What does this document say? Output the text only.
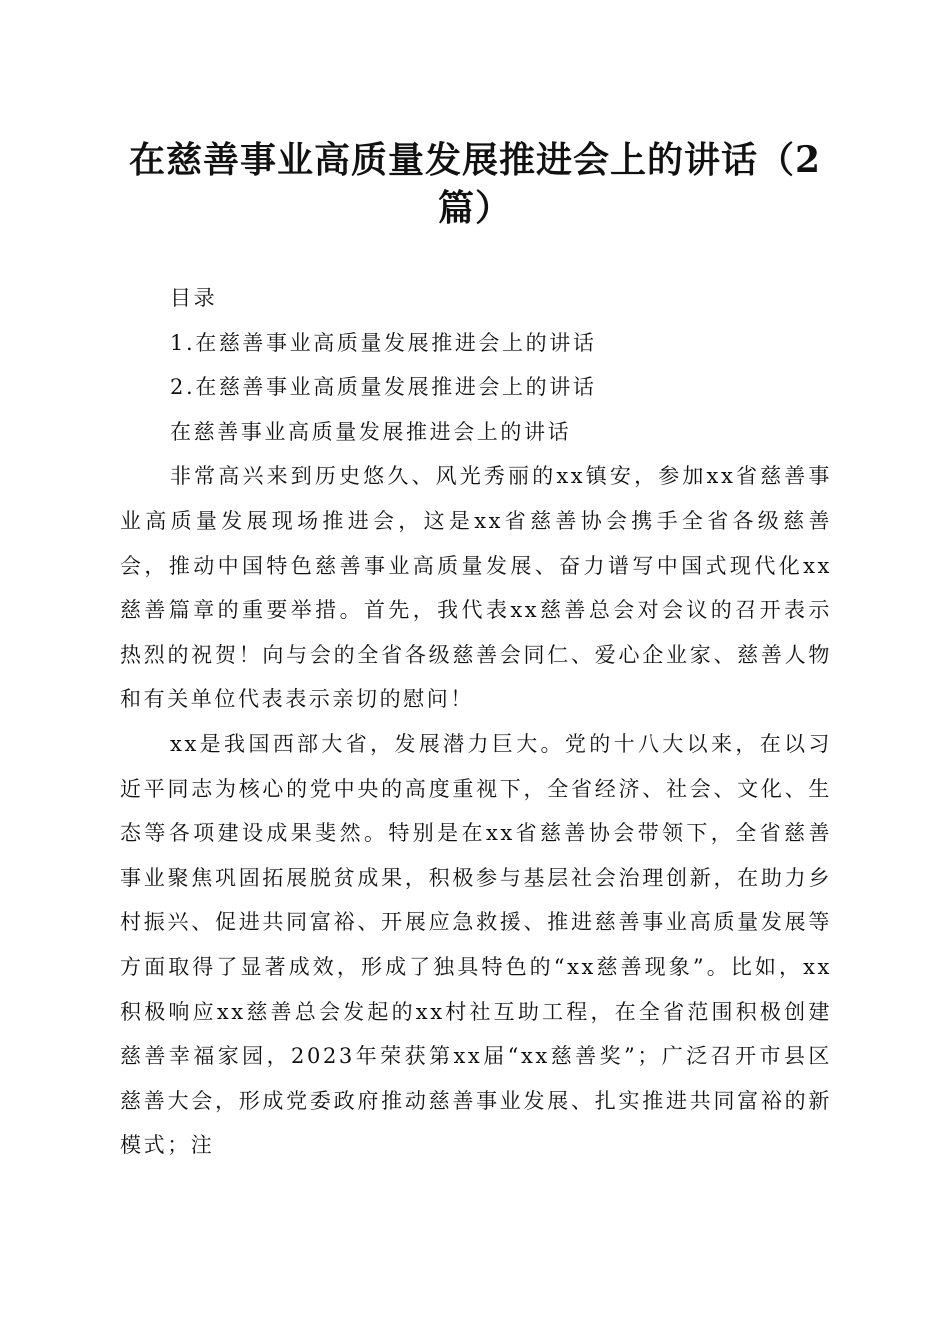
在慈善事业高质量发展推进会上的讲话（2篇）

目录

1.在慈善事业高质量发展推进会上的讲话

2.在慈善事业高质量发展推进会上的讲话

在慈善事业高质量发展推进会上的讲话

非常高兴来到历史悠久、风光秀丽的xx镇安，参加xx省慈善事业高质量发展现场推进会，这是xx省慈善协会携手全省各级慈善会，推动中国特色慈善事业高质量发展、奋力谱写中国式现代化xx慈善篇章的重要举措。首先，我代表xx慈善总会对会议的召开表示热烈的祝贺！向与会的全省各级慈善会同仁、爱心企业家、慈善人物和有关单位代表表示亲切的慰问！

xx是我国西部大省，发展潜力巨大。党的十八大以来，在以习近平同志为核心的党中央的高度重视下，全省经济、社会、文化、生态等各项建设成果斐然。特别是在xx省慈善协会带领下，全省慈善事业聚焦巩固拓展脱贫成果，积极参与基层社会治理创新，在助力乡村振兴、促进共同富裕、开展应急救援、推进慈善事业高质量发展等方面取得了显著成效，形成了独具特色的“xx慈善现象”。比如，xx积极响应xx慈善总会发起的xx村社互助工程，在全省范围积极创建慈善幸福家园，2023年荣获第xx届“xx慈善奖”；广泛召开市县区慈善大会，形成党委政府推动慈善事业发展、扎实推进共同富裕的新模式；注
